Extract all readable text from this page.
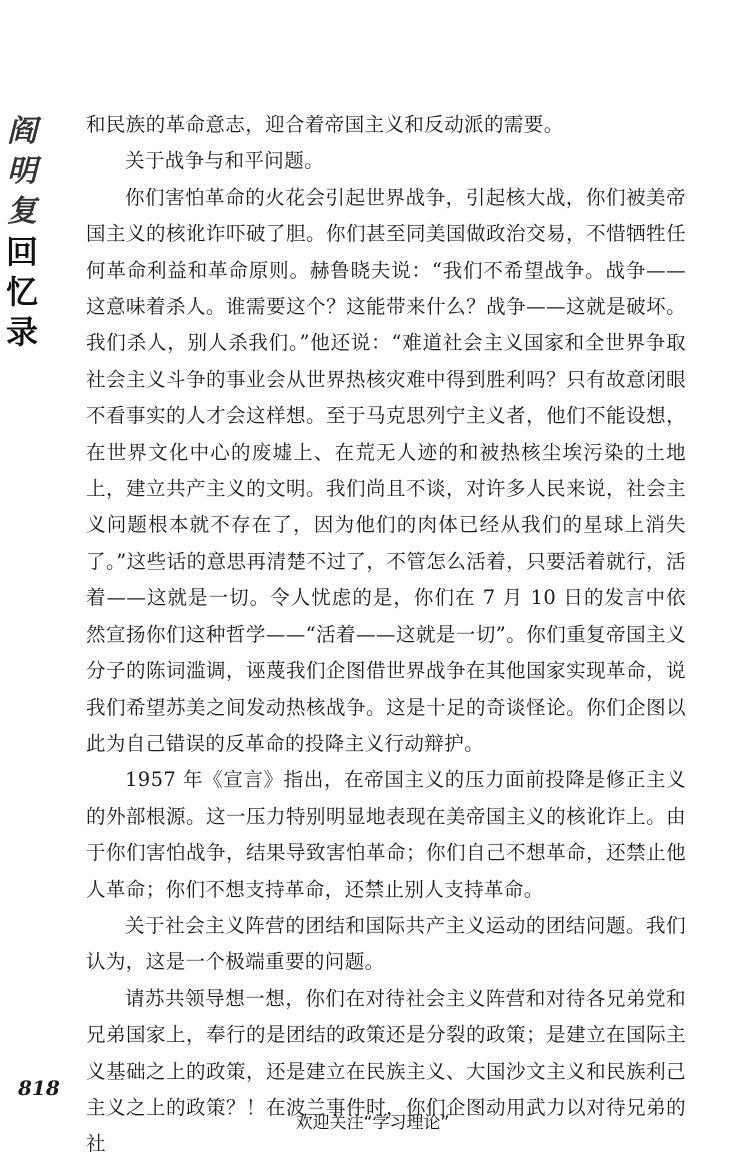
阎
明
复
回
忆
录

和民族的革命意志，迎合着帝国主义和反动派的需要。

关于战争与和平问题。

你们害怕革命的火花会引起世界战争，引起核大战，你们被美帝国主义的核讹诈吓破了胆。你们甚至同美国做政治交易，不惜牺牲任何革命利益和革命原则。赫鲁晓夫说：“我们不希望战争。战争——这意味着杀人。谁需要这个？这能带来什么？战争——这就是破坏。我们杀人，别人杀我们。”他还说：“难道社会主义国家和全世界争取社会主义斗争的事业会从世界热核灾难中得到胜利吗？只有故意闭眼不看事实的人才会这样想。至于马克思列宁主义者，他们不能设想，在世界文化中心的废墟上、在荒无人迹的和被热核尘埃污染的土地上，建立共产主义的文明。我们尚且不谈，对许多人民来说，社会主义问题根本就不存在了，因为他们的肉体已经从我们的星球上消失了。”这些话的意思再清楚不过了，不管怎么活着，只要活着就行，活着——这就是一切。令人忧虑的是，你们在 7 月 10 日的发言中依然宣扬你们这种哲学——“活着——这就是一切”。你们重复帝国主义分子的陈词滥调，诬蔑我们企图借世界战争在其他国家实现革命，说我们希望苏美之间发动热核战争。这是十足的奇谈怪论。你们企图以此为自己错误的反革命的投降主义行动辩护。

1957 年《宣言》指出，在帝国主义的压力面前投降是修正主义的外部根源。这一压力特别明显地表现在美帝国主义的核讹诈上。由于你们害怕战争，结果导致害怕革命；你们自己不想革命，还禁止他人革命；你们不想支持革命，还禁止别人支持革命。

关于社会主义阵营的团结和国际共产主义运动的团结问题。我们认为，这是一个极端重要的问题。

请苏共领导想一想，你们在对待社会主义阵营和对待各兄弟党和兄弟国家上，奉行的是团结的政策还是分裂的政策；是建立在国际主义基础之上的政策，还是建立在民族主义、大国沙文主义和民族利己主义之上的政策？！在波兰事件时，你们企图动用武力以对待兄弟的社

818
欢迎关注“学习理论”
